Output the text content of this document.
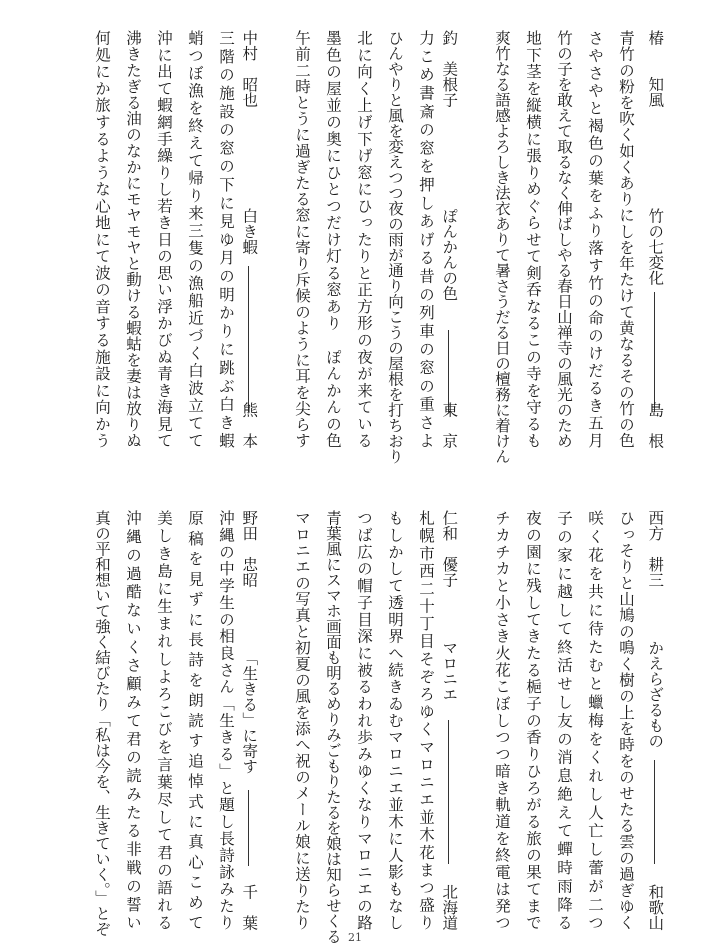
椿　　知風
竹の七変化
島　根
青竹の粉を吹く如くありにしを年たけて黄なるその竹の色
さやさやと褐色の葉をふり落す竹の命のけだるき五月
竹の子を敢えて取るなく伸ばしやる春日山禅寺の風光のため
地下茎を縦横に張りめぐらせて剣呑なるこの寺を守るも
爽竹なる語感よろしき法衣ありて暑さうだる日の檀務に着けん
釣　美根子
ぽんかんの色
東　京
力こめ書斎の窓を押しあげる昔の列車の窓の重さよ
ひんやりと風を変えつつ夜の雨が通り向こうの屋根を打ちおり
北に向く上げ下げ窓にひったりと正方形の夜が来ている
墨色の屋並の奥にひとつだけ灯る窓あり　ぽんかんの色
午前二時とうに過ぎたる窓に寄り斥候のように耳を尖らす
中村　昭也
白き蝦
熊　本
三階の施設の窓の下に見ゆ月の明かりに跳ぶ白き蝦
蛸つぼ漁を終えて帰り来三隻の漁船近づく白波立てて
沖に出て蝦網手繰りし若き日の思い浮かびぬ青き海見て
沸きたぎる油のなかにモヤモヤと動ける蝦蛄を妻は放りぬ
何処にか旅するような心地にて波の音する施設に向かう
西方　耕三
かえらざるもの
和歌山
ひっそりと山鳩の鳴く樹の上を時をのせたる雲の過ぎゆく
咲く花を共に待たむと蠟梅をくれし人亡し蕾が二つ
子の家に越して終活せし友の消息絶えて蟬時雨降る
夜の園に残してきたる梔子の香りひろがる旅の果てまで
チカチカと小さき火花こぼしつつ暗き軌道を終電は発つ
仁和　優子
マロニエ
北海道
札幌市西二十丁目そぞろゆくマロニエ並木花まつ盛り
もしかして透明界へ続きゐむマロニエ並木に人影もなし
つば広の帽子目深に被るわれ歩みゆくなりマロニエの路
青葉風にスマホ画面も明るめりみごもりたるを娘は知らせくる
マロニエの写真と初夏の風を添へ祝のメール娘に送りたり
野田　忠昭
「生きる」に寄す
千　葉
沖縄の中学生の相良さん「生きる」と題し長詩詠みたり
原稿を見ずに長詩を朗読す追悼式に真心こめて
美しき島に生まれしよろこびを言葉尽して君の語れる
沖縄の過酷ないくさ顧みて君の読みたる非戦の誓い
真の平和想いて強く結びたり「私は今を、生きていく。」とぞ
21
